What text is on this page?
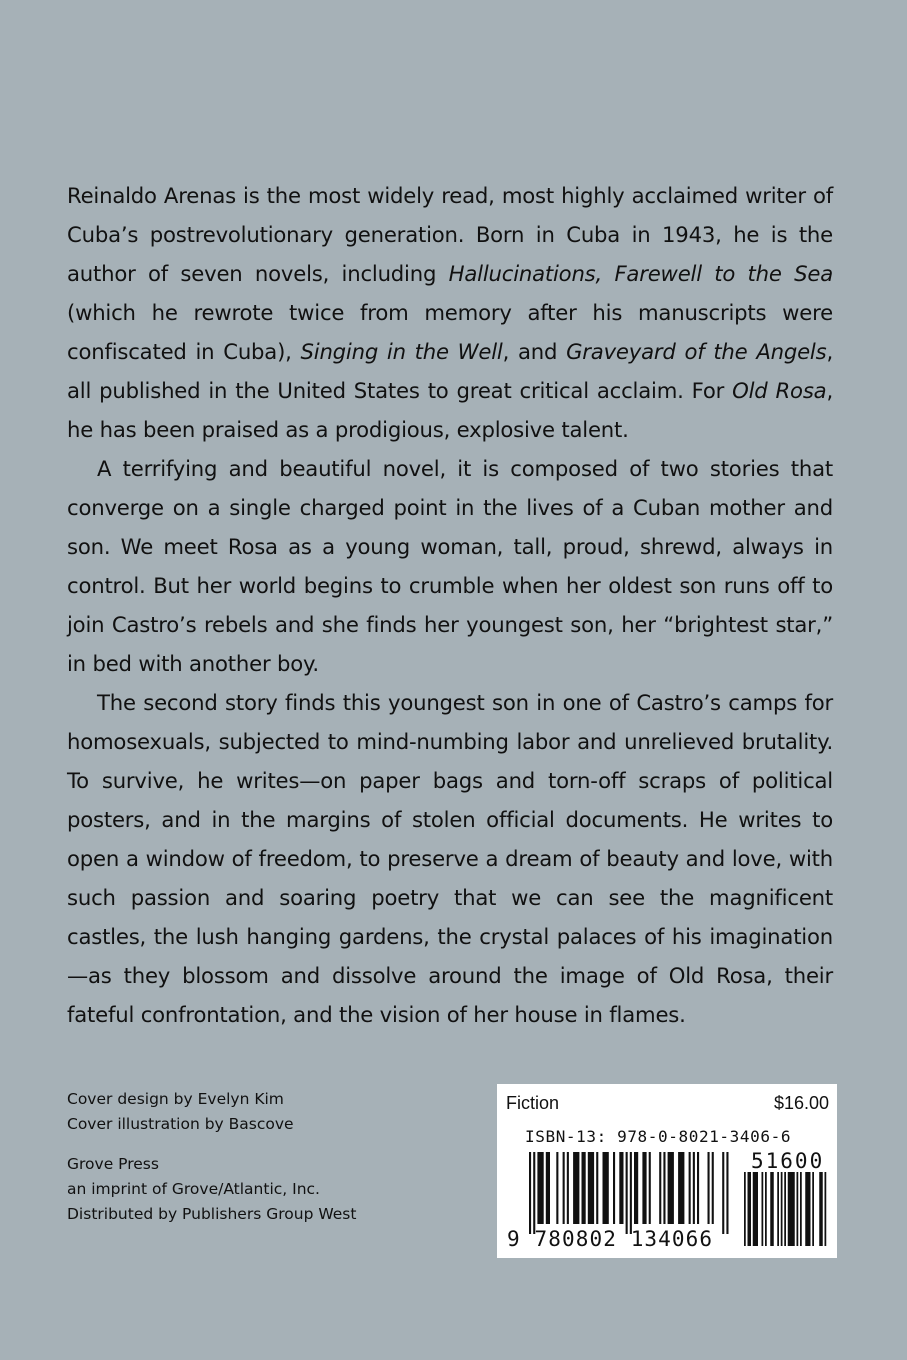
Reinaldo Arenas is the most widely read, most highly acclaimed writer of Cuba’s postrevolutionary generation. Born in Cuba in 1943, he is the author of seven novels, including Hallucinations, Farewell to the Sea (which he rewrote twice from memory after his manuscripts were confiscated in Cuba), Singing in the Well, and Graveyard of the Angels, all published in the United States to great critical acclaim. For Old Rosa, he has been praised as a prodigious, explosive talent.

A terrifying and beautiful novel, it is composed of two stories that converge on a single charged point in the lives of a Cuban mother and son. We meet Rosa as a young woman, tall, proud, shrewd, always in control. But her world begins to crumble when her oldest son runs off to join Castro’s rebels and she finds her youngest son, her “brightest star,” in bed with another boy.

The second story finds this youngest son in one of Castro’s camps for homosexuals, subjected to mind-numbing labor and unrelieved brutality. To survive, he writes—on paper bags and torn-off scraps of political posters, and in the margins of stolen official documents. He writes to open a window of freedom, to preserve a dream of beauty and love, with such passion and soaring poetry that we can see the magnificent castles, the lush hanging gardens, the crystal palaces of his imagination—as they blossom and dissolve around the image of Old Rosa, their fateful confrontation, and the vision of her house in flames.

Cover design by Evelyn Kim
Cover illustration by Bascove
Grove Press
an imprint of Grove/Atlantic, Inc.
Distributed by Publishers Group West
Fiction	$16.00
ISBN-13: 978-0-8021-3406-6
9 780802 134066
51600
